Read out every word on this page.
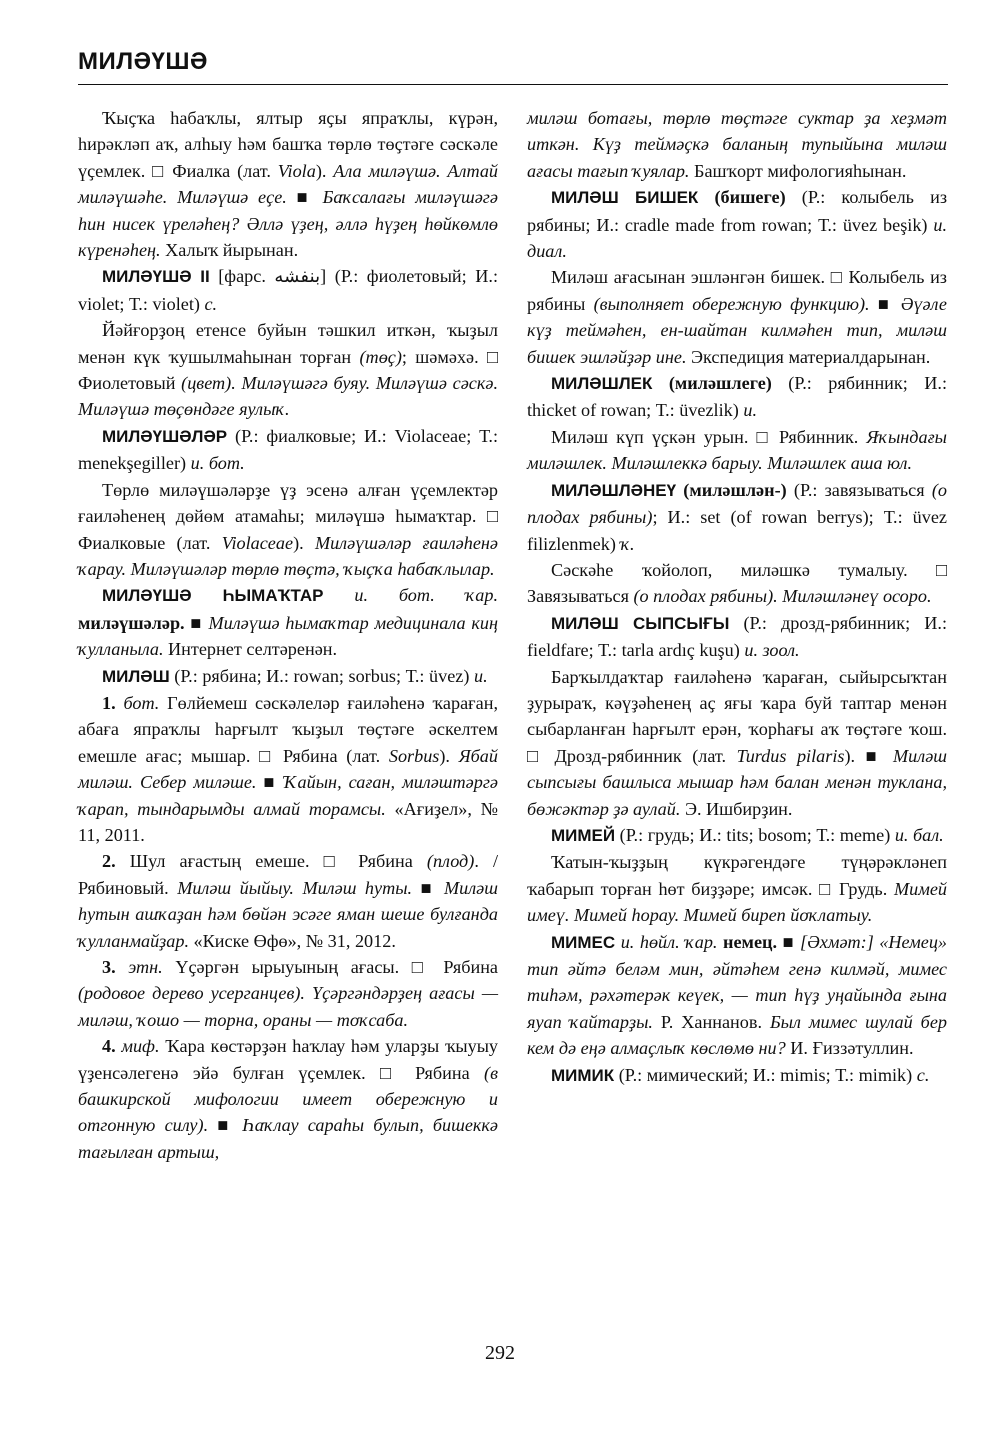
МИЛӘҮШӘ

Ҡыҫҡа һабаҡлы, ялтыр яҫы япраҡлы, күрән, һирәкләп аҡ, алһыу һәм башҡа төрлө төҫтәге сәскәле үҫемлек. □ Фиалка (лат. Viola). Ала миләүшә. Алтай миләүшәһе. Миләүшә еҫе. ■ Баҡсалағы миләүшәгә һин нисек үреләһең? Әллә үҙең, әллә һүҙең һөйкөмлө күренәһең. Халыҡ йырынан.

МИЛӘҮШӘ II [фарс. بنفشه] (Р.: фиолетовый; И.: violet; Т.: violet) с.

Йәйғорҙоң етенсе буйын тәшкил иткән, ҡыҙыл менән күк ҡушылмаһынан торған (төҫ); шәмәхә. □ Фиолетовый (цвет). Миләүшәгә буяу. Миләүшә сәскә. Миләүшә төҫөндәге яулыҡ.

МИЛӘҮШӘЛӘР (Р.: фиалковые; И.: Violaceae; Т.: menekşegiller) и. бот.

Төрлө миләүшәләрҙе үҙ эсенә алған үҫемлектәр ғаиләһенең дөйөм атамаһы; миләүшә һымаҡтар. □ Фиалковые (лат. Violaceae). Миләүшәләр ғаиләһенә ҡарау. Миләүшәләр төрлө төҫтә, ҡыҫҡа һабаҡлылар.

МИЛӘҮШӘ ҺЫМАҠТАР и. бот. ҡар. миләүшәләр. ■ Миләүшә һымаҡтар медицинала киң ҡулланыла. Интернет селтәренән.

МИЛӘШ (Р.: рябина; И.: rowan; sorbus; Т.: üvez) и.

1. бот. Гөлйемеш сәскәлеләр ғаиләһенә ҡараған, абаға япраҡлы һарғылт ҡыҙыл төҫтәге әскелтем емешле ағас; мышар. □ Рябина (лат. Sorbus). Ябай миләш. Себер миләше. ■ Ҡайын, саған, миләштәргә ҡарап, тындарымды алмай торамсы. «Ағиҙел», № 11, 2011.

2. Шул ағастың емеше. □ Рябина (плод). / Рябиновый. Миләш йыйыу. Миләш һуты. ■ Миләш һутын ашҡаҙан һәм бөйән эсәге яман шеше булғанда ҡулланмайҙар. «Киске Өфө», № 31, 2012.

3. этн. Үҫәргән ырыуының ағасы. □ Рябина (родовое дерево усерганцев). Үҫәргәндәрҙең ағасы — миләш, ҡошо — торна, ораны — тоҡсаба.

4. миф. Ҡара көстәрҙән һаҡлау һәм уларҙы ҡыуыу үҙенсәлегенә эйә булған үҫемлек. □ Рябина (в башкирской мифологии имеет обережную и отгонную силу). ■ Һаҡлау сараһы булып, бишеккә тағылған артыш,

миләш ботағы, төрлө төҫтәге суктар ҙа хеҙмәт иткән. Күҙ теймәҫкә баланың тупыйына миләш ағасы тағып ҡуялар. Башҡорт мифологияһынан.

МИЛӘШ БИШЕК (бишеге) (Р.: колыбель из рябины; И.: cradle made from rowan; Т.: üvez beşik) и. диал.

Миләш ағасынан эшләнгән бишек. □ Колыбель из рябины (выполняет обережную функцию). ■ Әүәле күҙ теймәһен, ен-шайтан килмәһен тип, миләш бишек эшләйҙәр ине. Экспедиция материалдарынан.

МИЛӘШЛЕК (миләшлеге) (Р.: рябинник; И.: thicket of rowan; Т.: üvezlik) и.

Миләш күп үҫкән урын. □ Рябинник. Яҡындағы миләшлек. Миләшлеккә барыу. Миләшлек аша юл.

МИЛӘШЛӘНЕҮ (миләшлән-) (Р.: завязываться (о плодах рябины); И.: set (of rowan berrys); Т.: üvez filizlenmek) ҡ.

Сәскәһе ҡойолоп, миләшкә тумалыу. □ Завязываться (о плодах рябины). Миләшләнеү осоро.

МИЛӘШ СЫПСЫҒЫ (Р.: дрозд-рябинник; И.: fieldfare; Т.: tarla ardıç kuşu) и. зоол.

Барҡылдаҡтар ғаиләһенә ҡараған, сыйырсыҡтан ҙурыраҡ, кәүҙәһенең аҫ яғы ҡара буй таптар менән сыбарланған һарғылт ерән, ҡорһағы аҡ төҫтәге ҡош. □ Дрозд-рябинник (лат. Turdus pilaris). ■ Миләш сыпсығы башлыса мышар һәм балан менән туклана, бөжәктәр ҙә аулай. Э. Ишбирҙин.

МИМЕЙ (Р.: грудь; И.: tits; bosom; Т.: meme) и. бал.

Ҡатын-ҡыҙҙың күкрәгендәге түңәрәкләнеп ҡабарып торған һөт биҙҙәре; имсәк. □ Грудь. Мимей имеү. Мимей һорау. Мимей биреп йоҡлатыу.

МИМЕС и. һөйл. ҡар. немец. ■ [Әхмәт:] «Немец» тип әйтә беләм мин, әйтәһем генә килмәй, мимес тиһәм, рәхәтерәк кеүек, — тип һүҙ уңайында ғына яуап ҡайтарҙы. Р. Ханнанов. Был мимес шулай бер кем дә еңә алмаҫлыҡ көслөмө ни? И. Ғиззәтуллин.

МИМИК (Р.: мимический; И.: mimis; Т.: mimik) с.

292
